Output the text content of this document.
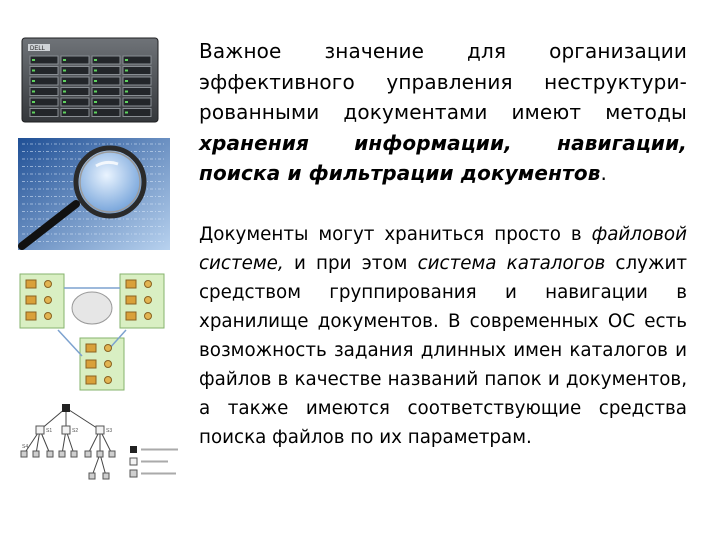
DELL
S1	S2	S3
S4

Важное значение для организации эффективного управления неструктури-рованными документами имеют методы хранения информации, навигации, поиска и фильтрации документов.

Документы могут храниться просто в файловой системе, и при этом система каталогов служит средством группирования и навигации в хранилище документов. В современных ОС есть возможность задания длинных имен каталогов и файлов в качестве названий папок и документов, а также имеются соответствующие средства поиска файлов по их параметрам.
